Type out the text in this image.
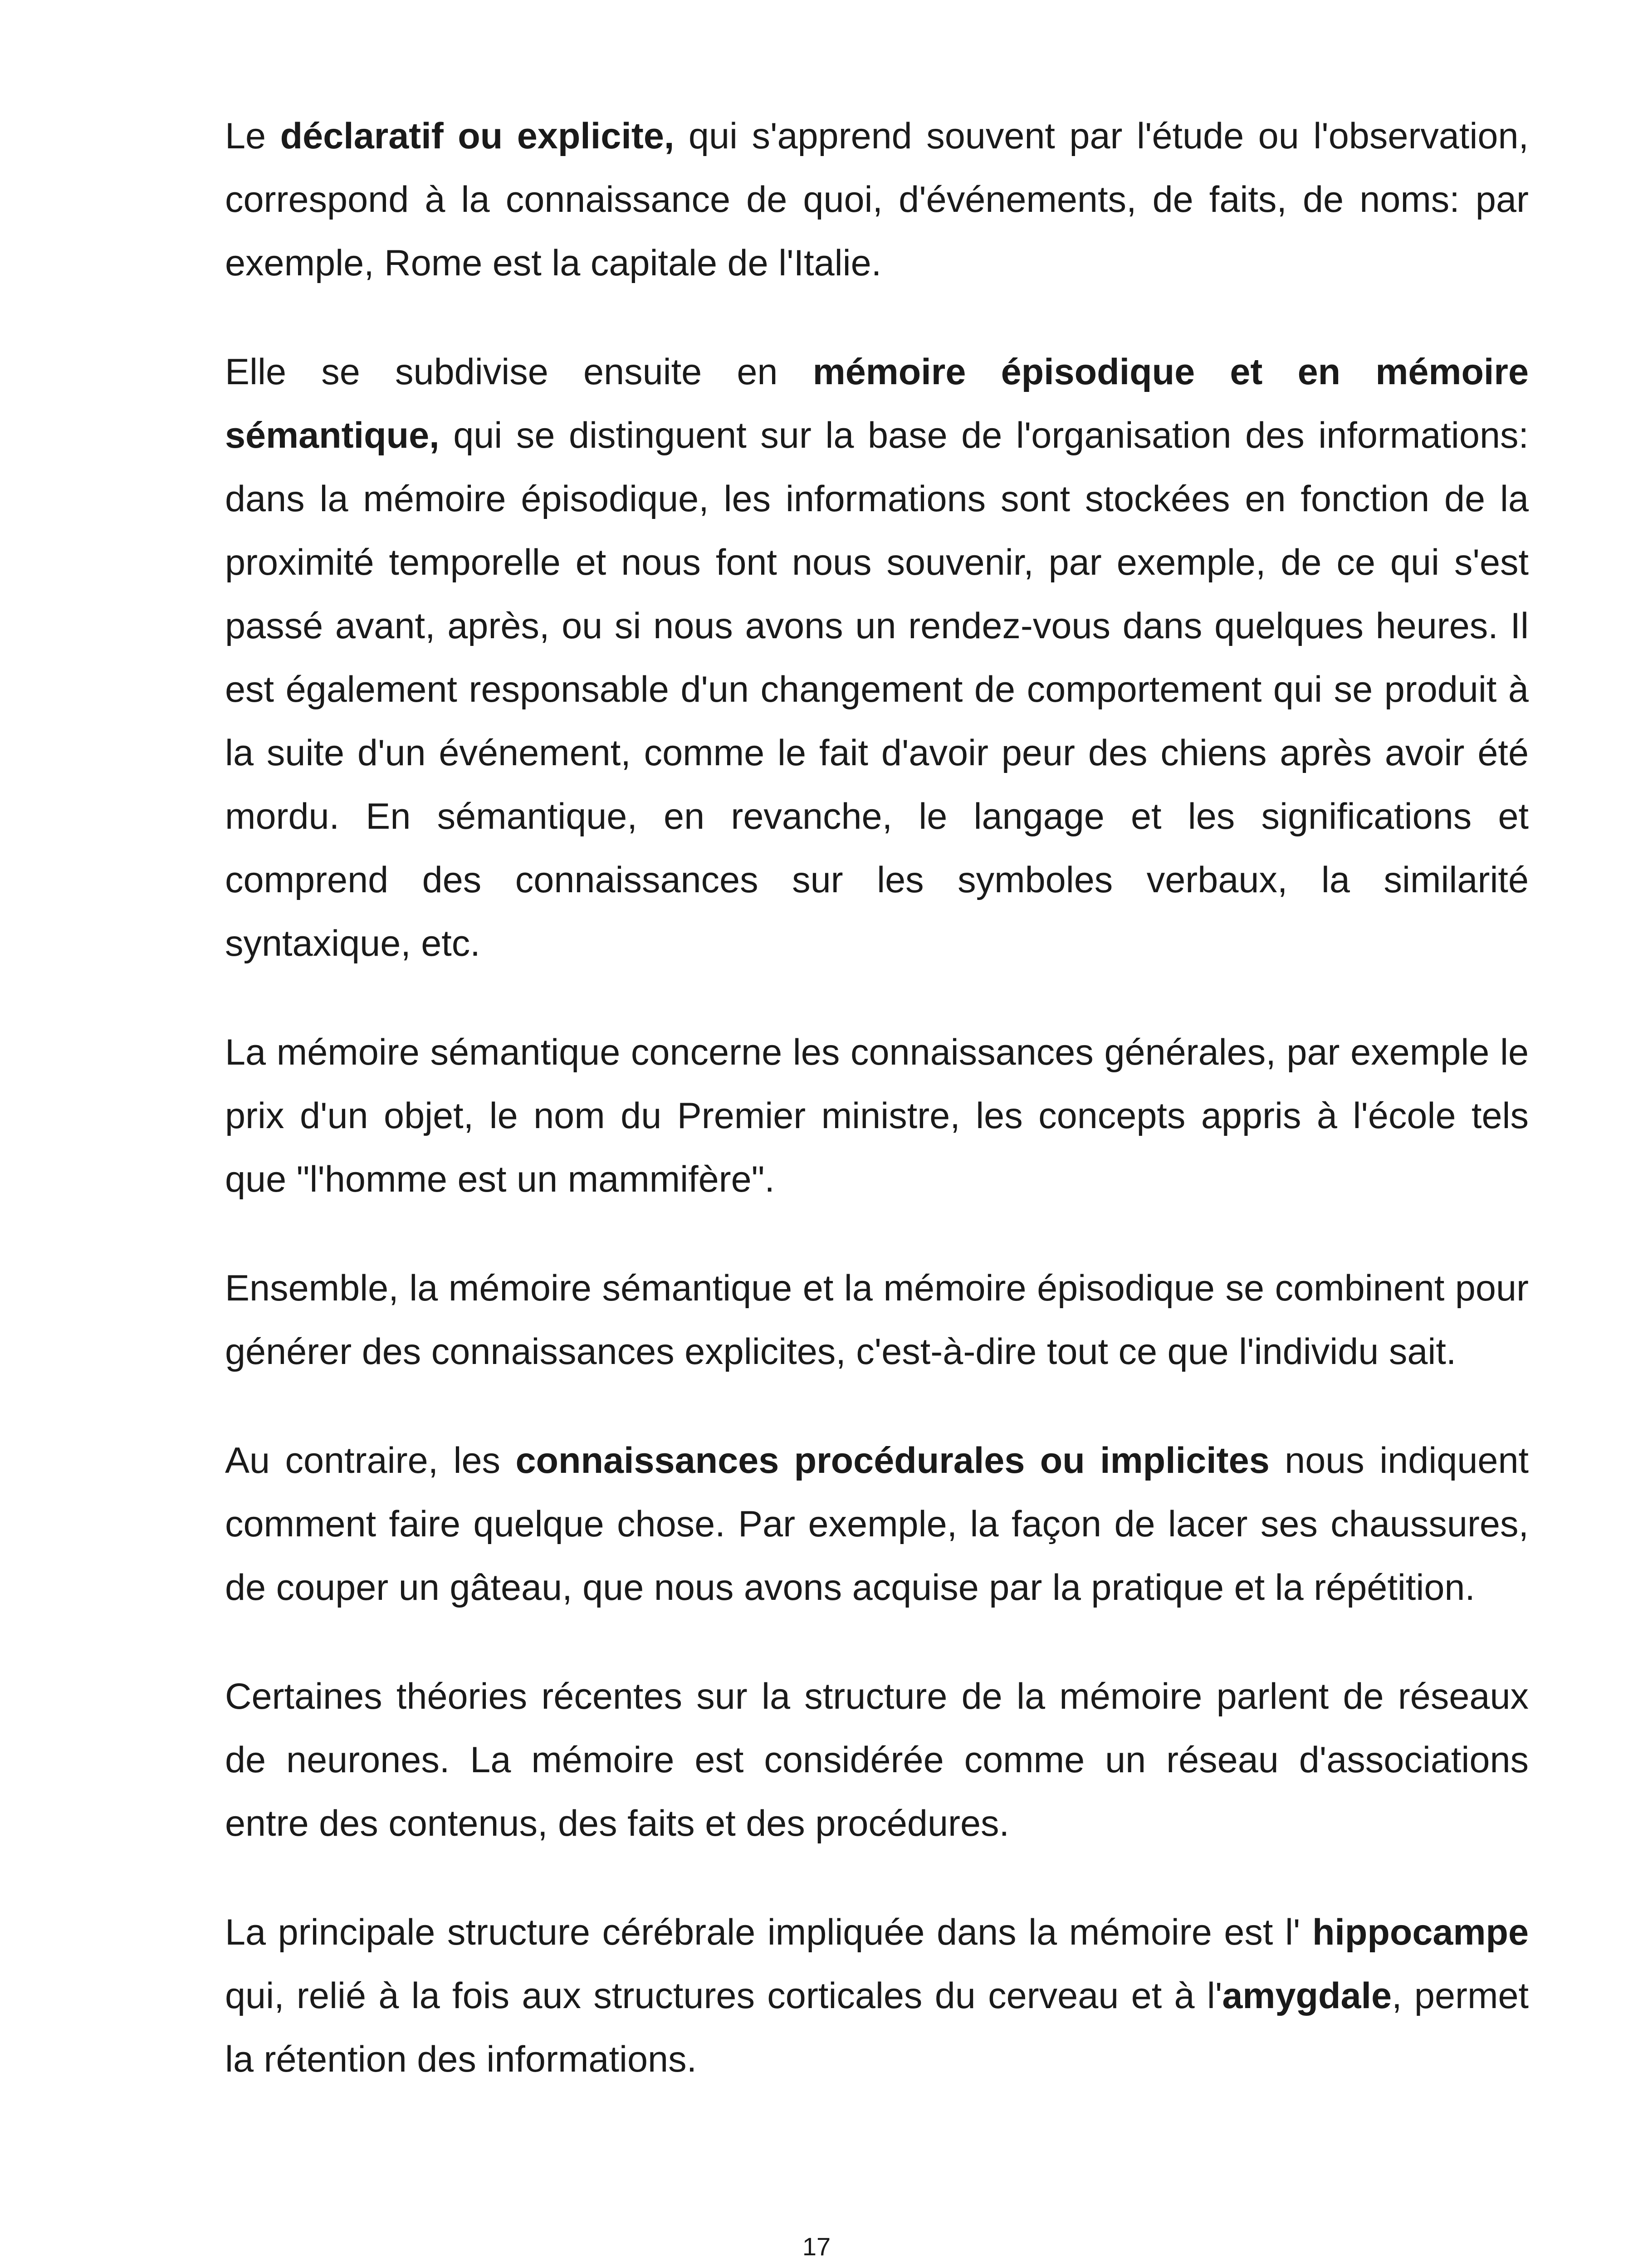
Le déclaratif ou explicite, qui s'apprend souvent par l'étude ou l'observation, correspond à la connaissance de quoi, d'événements, de faits, de noms: par exemple, Rome est la capitale de l'Italie.

Elle se subdivise ensuite en mémoire épisodique et en mémoire sémantique, qui se distinguent sur la base de l'organisation des informations: dans la mémoire épisodique, les informations sont stockées en fonction de la proximité temporelle et nous font nous souvenir, par exemple, de ce qui s'est passé avant, après, ou si nous avons un rendez-vous dans quelques heures. Il est également responsable d'un changement de comportement qui se produit à la suite d'un événement, comme le fait d'avoir peur des chiens après avoir été mordu. En sémantique, en revanche, le langage et les significations et comprend des connaissances sur les symboles verbaux, la similarité syntaxique, etc.

La mémoire sémantique concerne les connaissances générales, par exemple le prix d'un objet, le nom du Premier ministre, les concepts appris à l'école tels que "l'homme est un mammifère".

Ensemble, la mémoire sémantique et la mémoire épisodique se combinent pour générer des connaissances explicites, c'est-à-dire tout ce que l'individu sait.

Au contraire, les connaissances procédurales ou implicites nous indiquent comment faire quelque chose. Par exemple, la façon de lacer ses chaussures, de couper un gâteau, que nous avons acquise par la pratique et la répétition.

Certaines théories récentes sur la structure de la mémoire parlent de réseaux de neurones. La mémoire est considérée comme un réseau d'associations entre des contenus, des faits et des procédures.

La principale structure cérébrale impliquée dans la mémoire est l' hippocampe qui, relié à la fois aux structures corticales du cerveau et à l'amygdale, permet la rétention des informations.

17
